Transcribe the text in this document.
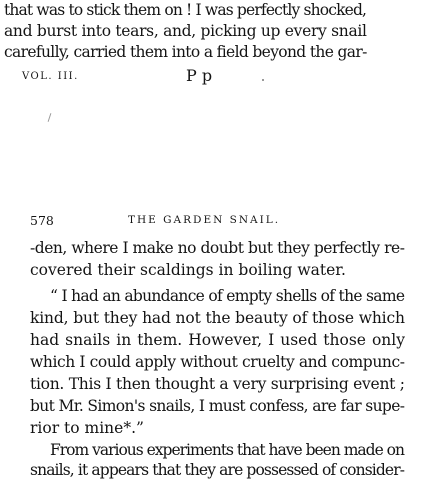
that was to stick them on ! I was perfectly shocked,
and burst into tears, and, picking up every snail
carefully, carried them into a field beyond the gar-
VOL. III.	P p
578	THE GARDEN SNAIL.
-den, where I make no doubt but they perfectly re-
covered their scaldings in boiling water.
“ I had an abundance of empty shells of the same
kind, but they had not the beauty of those which
had snails in them. However, I used those only
which I could apply without cruelty and compunc-
tion. This I then thought a very surprising event ;
but Mr. Simon's snails, I must confess, are far supe-
rior to mine*.”
From various experiments that have been made on
snails, it appears that they are possessed of consider-
